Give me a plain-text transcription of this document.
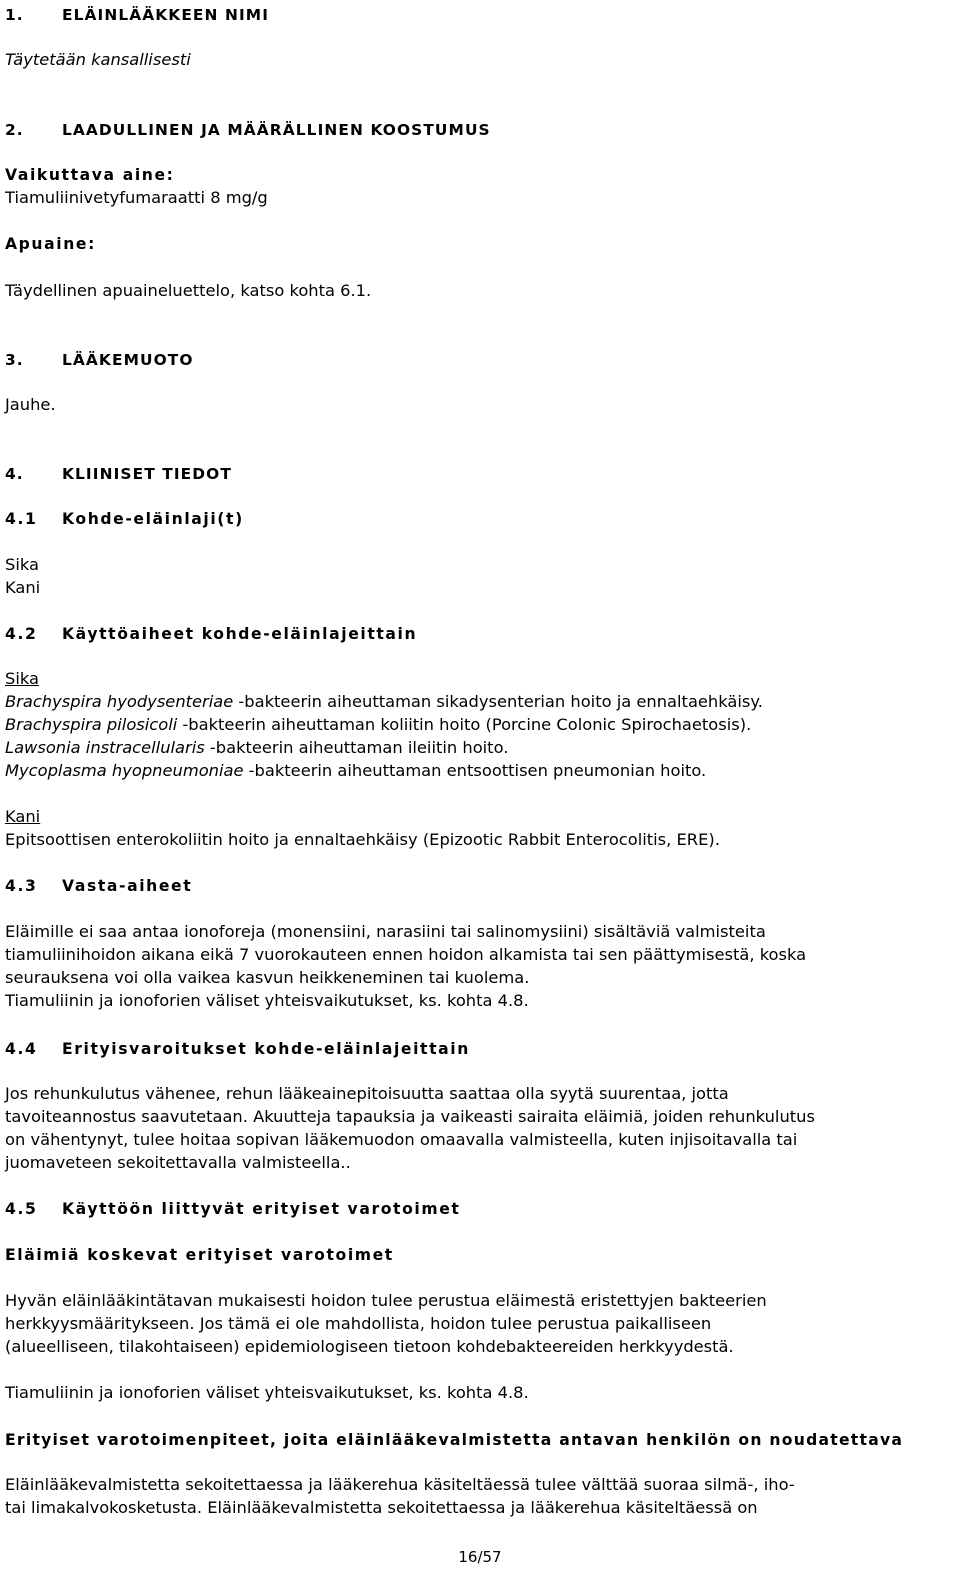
1. ELÄINLÄÄKKEEN NIMI
Täytetään kansallisesti
2. LAADULLINEN JA MÄÄRÄLLINEN KOOSTUMUS
Vaikuttava aine:
Tiamuliinivetyfumaraatti 8 mg/g
Apuaine:
Täydellinen apuaineluettelo, katso kohta 6.1.
3. LÄÄKEMUOTO
Jauhe.
4. KLIINISET TIEDOT
4.1 Kohde-eläinlaji(t)
Sika
Kani
4.2 Käyttöaiheet kohde-eläinlajeittain
Sika
Brachyspira hyodysenteriae -bakteerin aiheuttaman sikadysenterian hoito ja ennaltaehkäisy.
Brachyspira pilosicoli -bakteerin aiheuttaman koliitin hoito (Porcine Colonic Spirochaetosis).
Lawsonia instracellularis -bakteerin aiheuttaman ileiitin hoito.
Mycoplasma hyopneumoniae -bakteerin aiheuttaman entsoottisen pneumonian hoito.
Kani
Epitsoottisen enterokoliitin hoito ja ennaltaehkäisy (Epizootic Rabbit Enterocolitis, ERE).
4.3 Vasta-aiheet
Eläimille ei saa antaa ionoforeja (monensiini, narasiini tai salinomysiini) sisältäviä valmisteita
tiamuliinihoidon aikana eikä 7 vuorokauteen ennen hoidon alkamista tai sen päättymisestä, koska
seurauksena voi olla vaikea kasvun heikkeneminen tai kuolema.
Tiamuliinin ja ionoforien väliset yhteisvaikutukset, ks. kohta 4.8.
4.4 Erityisvaroitukset kohde-eläinlajeittain
Jos rehunkulutus vähenee, rehun lääkeainepitoisuutta saattaa olla syytä suurentaa, jotta
tavoiteannostus saavutetaan. Akuutteja tapauksia ja vaikeasti sairaita eläimiä, joiden rehunkulutus
on vähentynyt, tulee hoitaa sopivan lääkemuodon omaavalla valmisteella, kuten injisoitavalla tai
juomaveteen sekoitettavalla valmisteella..
4.5 Käyttöön liittyvät erityiset varotoimet
Eläimiä koskevat erityiset varotoimet
Hyvän eläinlääkintätavan mukaisesti hoidon tulee perustua eläimestä eristettyjen bakteerien
herkkyysmääritykseen. Jos tämä ei ole mahdollista, hoidon tulee perustua paikalliseen
(alueelliseen, tilakohtaiseen) epidemiologiseen tietoon kohdebakteereiden herkkyydestä.
Tiamuliinin ja ionoforien väliset yhteisvaikutukset, ks. kohta 4.8.
Erityiset varotoimenpiteet, joita eläinlääkevalmistetta antavan henkilön on noudatettava
Eläinlääkevalmistetta sekoitettaessa ja lääkerehua käsiteltäessä tulee välttää suoraa silmä-, iho-
tai limakalvokosketusta. Eläinlääkevalmistetta sekoitettaessa ja lääkerehua käsiteltäessä on
16/57
